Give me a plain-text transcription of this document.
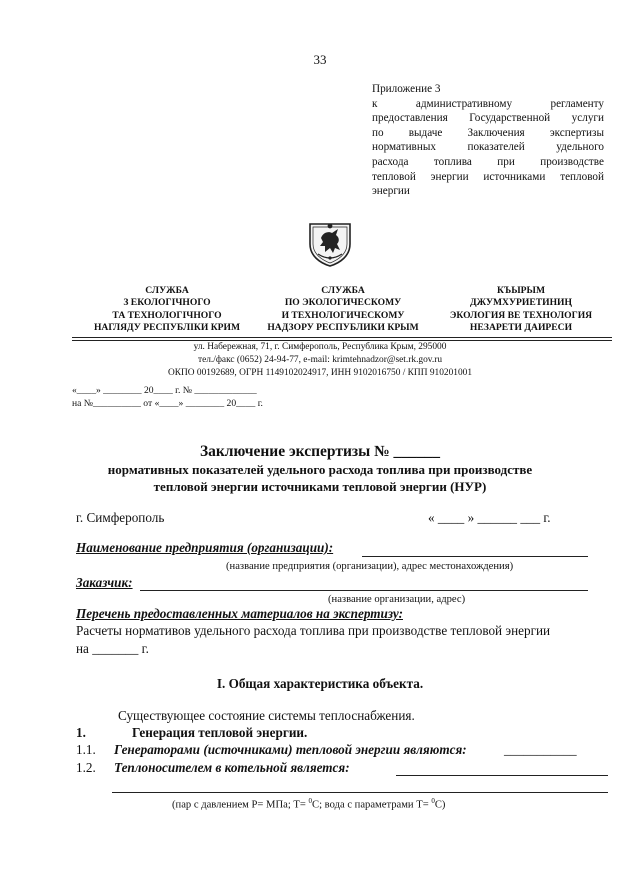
33
Приложение 3
к административному регламенту
предоставления Государственной услуги
по выдаче Заключения экспертизы
нормативных показателей удельного
расхода топлива при производстве
тепловой энергии источниками тепловой
энергии
СЛУЖБА
З ЕКОЛОГІЧНОГО
ТА ТЕХНОЛОГІЧНОГО
НАГЛЯДУ РЕСПУБЛІКИ КРИМ
СЛУЖБА
ПО ЭКОЛОГИЧЕСКОМУ
И ТЕХНОЛОГИЧЕСКОМУ
НАДЗОРУ РЕСПУБЛИКИ КРЫМ
КЪЫРЫМ
ДЖУМХУРИЕТИНИҢ
ЭКОЛОГИЯ ВЕ ТЕХНОЛОГИЯ
НЕЗАРЕТИ ДАИРЕСИ
ул. Набережная, 71, г. Симферополь, Республика Крым, 295000
тел./факс (0652) 24-94-77, e-mail: krimtehnadzor@set.rk.gov.ru
ОКПО 00192689, ОГРН 1149102024917, ИНН 9102016750 / КПП 910201001
«____» ________ 20____ г. № _____________
на №__________ от «____» ________ 20____ г.
Заключение экспертизы № ______
нормативных показателей удельного расхода топлива при производстве
тепловой энергии источниками тепловой энергии (НУР)
г. Симферополь	« ____ » ______ ___ г.
Наименование предприятия (организации):
(название предприятия (организации), адрес местонахождения)
Заказчик:
(название организации, адрес)
Перечень предоставленных материалов на экспертизу:
Расчеты нормативов удельного расхода топлива при производстве тепловой энергии
на _______ г.
I. Общая характеристика объекта.
Существующее состояние системы теплоснабжения.
1.	Генерация тепловой энергии.
1.1. Генераторами (источниками) тепловой энергии являются:	___________
1.2. Теплоносителем в котельной является:
(пар с давлением Р= МПа; Т= $^0$С; вода с параметрами Т= $^0$С)
